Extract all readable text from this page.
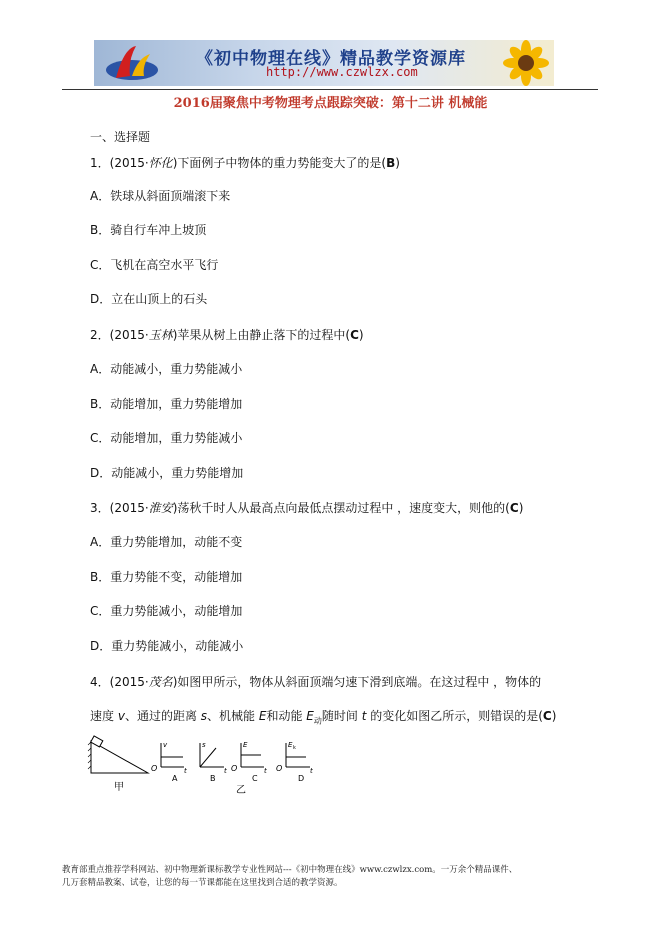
《初中物理在线》精品教学资源库
http://www.czwlzx.com
2016届聚焦中考物理考点跟踪突破：第十二讲 机械能
一、选择题
1．(2015·怀化)下面例子中物体的重力势能变大了的是(B)
A．铁球从斜面顶端滚下来
B．骑自行车冲上坡顶
C．飞机在高空水平飞行
D．立在山顶上的石头
2．(2015·玉林)苹果从树上由静止落下的过程中(C)
A．动能减小，重力势能减小
B．动能增加，重力势能增加
C．动能增加，重力势能减小
D．动能减小，重力势能增加
3．(2015·淮安)荡秋千时人从最高点向最低点摆动过程中 ，速度变大，则他的(C)
A．重力势能增加，动能不变
B．重力势能不变，动能增加
C．重力势能减小，动能增加
D．重力势能减小，动能减小
4．(2015·茂名)如图甲所示，物体从斜面顶端匀速下滑到底端。在这过程中 ，物体的
速度 v、通过的距离 s、机械能 E和动能 $E_动$随时间 t 的变化如图乙所示，则错误的是(C)
甲
O
v
t
A
s
t
B
O
E
t
C
O
E k
t
D
乙
教育部重点推荐学科网站、初中物理新课标教学专业性网站---《初中物理在线》www.czwlzx.com。一万余个精品课件、
几万套精品教案、试卷，让您的每一节课都能在这里找到合适的教学资源。
